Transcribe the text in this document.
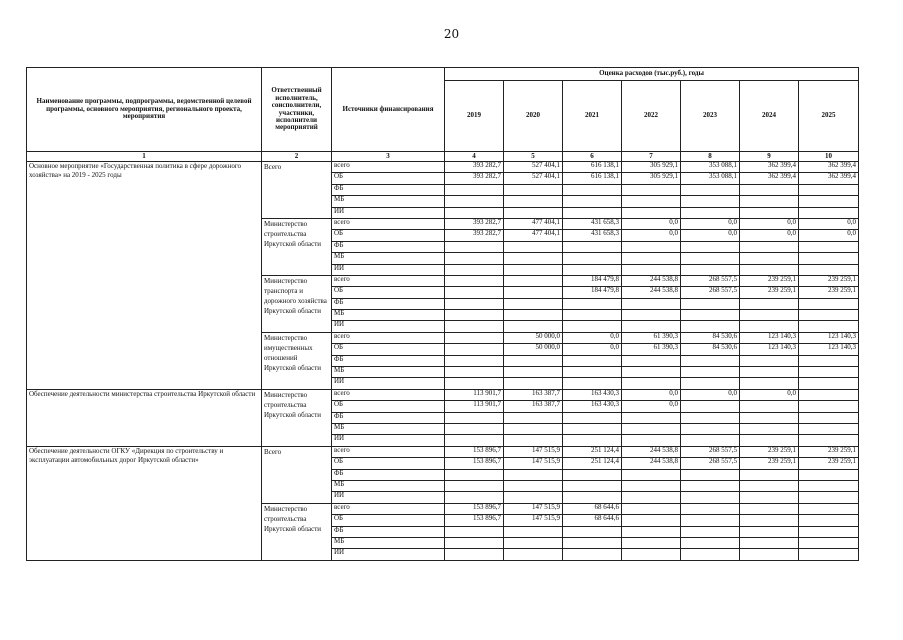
20
Наименование программы, подпрограммы, ведомственной целевой программы, основного мероприятия, регионального проекта, мероприятия	Ответственный исполнитель, соисполнители, участники, исполнители мероприятий	Источники финансирования	Оценка расходов (тыс.руб.), годы						
			2019	2020	2021	2022	2023	2024	2025
1	2	3	4	5	6	7	8	9	10
Основное мероприятие «Государственная политика в сфере дорожного хозяйства» на 2019 - 2025 годы	Всего	всего	393 282,7	527 404,1	616 138,1	305 929,1	353 088,1	362 399,4	362 399,4
		ОБ	393 282,7	527 404,1	616 138,1	305 929,1	353 088,1	362 399,4	362 399,4
		ФБ							
		МБ							
		ИИ							
	Министерство строительства Иркутской области	всего	393 282,7	477 404,1	431 658,3	0,0	0,0	0,0	0,0
		ОБ	393 282,7	477 404,1	431 658,3	0,0	0,0	0,0	0,0
		ФБ							
		МБ							
		ИИ							
	Министерство транспорта и дорожного хозяйства Иркутской области	всего			184 479,8	244 538,8	268 557,5	239 259,1	239 259,1
		ОБ			184 479,8	244 538,8	268 557,5	239 259,1	239 259,1
		ФБ							
		МБ							
		ИИ							
	Министерство имущественных отношений Иркутской области	всего		50 000,0	0,0	61 390,3	84 530,6	123 140,3	123 140,3
		ОБ		50 000,0	0,0	61 390,3	84 530,6	123 140,3	123 140,3
		ФБ							
		МБ							
		ИИ							
Обеспечение деятельности министерства строительства Иркутской области	Министерство строительства Иркутской области	всего	113 901,7	163 387,7	163 430,3	0,0	0,0	0,0	
		ОБ	113 901,7	163 387,7	163 430,3	0,0			
		ФБ							
		МБ							
		ИИ							
Обеспечение деятельности ОГКУ «Дирекция по строительству и эксплуатации автомобильных дорог Иркутской области»	Всего	всего	153 896,7	147 515,9	251 124,4	244 538,8	268 557,5	239 259,1	239 259,1
		ОБ	153 896,7	147 515,9	251 124,4	244 538,8	268 557,5	239 259,1	239 259,1
		ФБ							
		МБ							
		ИИ							
	Министерство строительства Иркутской области	всего	153 896,7	147 515,9	68 644,6				
		ОБ	153 896,7	147 515,9	68 644,6				
		ФБ							
		МБ							
		ИИ							
